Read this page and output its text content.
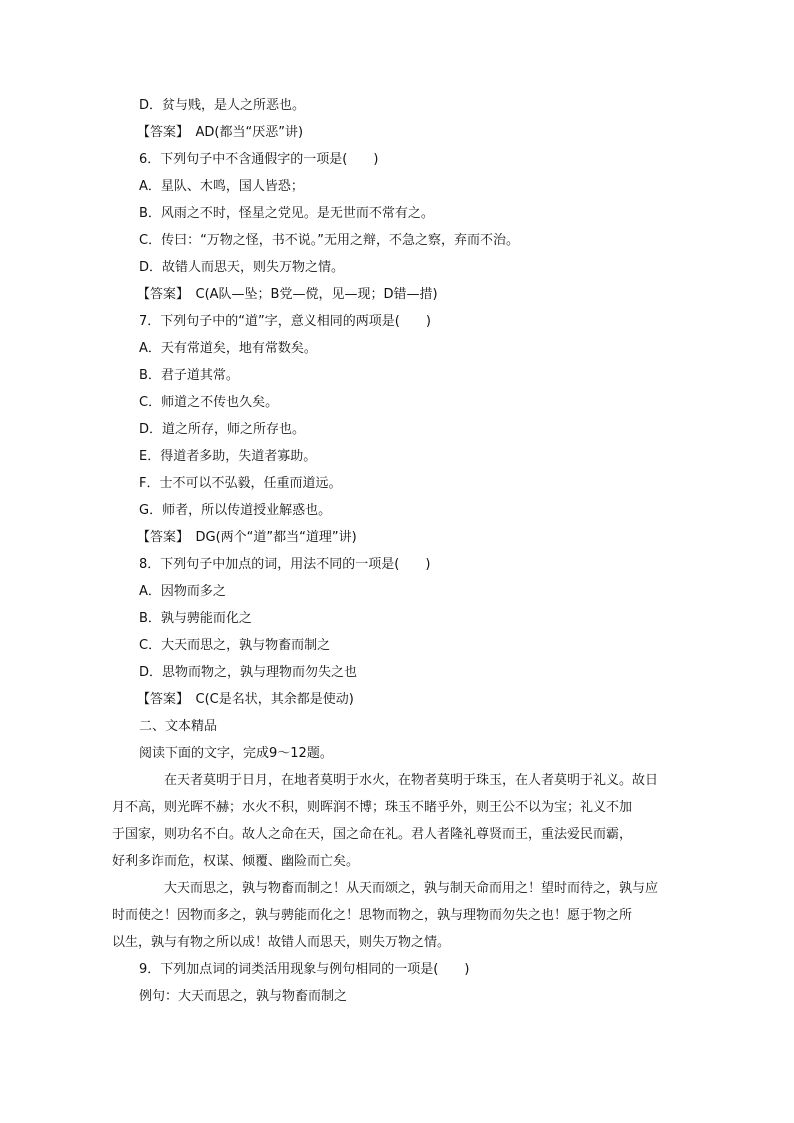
D．贫与贱，是人之所恶也。
【答案】　AD(都当“厌恶”讲)
6．下列句子中不含通假字的一项是(　　)
A．星队、木鸣，国人皆恐；
B．风雨之不时，怪星之党见。是无世而不常有之。
C．传曰：“万物之怪，书不说。”无用之辩，不急之察，弃而不治。
D．故错人而思天，则失万物之情。
【答案】　C(A队—坠；B党—傥，见—现；D错—措)
7．下列句子中的“道”字，意义相同的两项是(　　)
A．天有常道矣，地有常数矣。
B．君子道其常。
C．师道之不传也久矣。
D．道之所存，师之所存也。
E．得道者多助，失道者寡助。
F．士不可以不弘毅，任重而道远。
G．师者，所以传道授业解惑也。
【答案】　DG(两个“道”都当“道理”讲)
8．下列句子中加点的词，用法不同的一项是(　　)
A．因物而多之
B．孰与骋能而化之
C．大天而思之，孰与物畜而制之
D．思物而物之，孰与理物而勿失之也
【答案】　C(C是名状，其余都是使动)
二、文本精品
阅读下面的文字，完成9～12题。
在天者莫明于日月，在地者莫明于水火，在物者莫明于珠玉，在人者莫明于礼义。故日
月不高，则光晖不赫；水火不积，则晖润不博；珠玉不睹乎外，则王公不以为宝；礼义不加
于国家，则功名不白。故人之命在天，国之命在礼。君人者隆礼尊贤而王，重法爱民而霸，
好利多诈而危，权谋、倾覆、幽险而亡矣。
大天而思之，孰与物畜而制之！从天而颂之，孰与制天命而用之！望时而待之，孰与应
时而使之！因物而多之，孰与骋能而化之！思物而物之，孰与理物而勿失之也！愿于物之所
以生，孰与有物之所以成！故错人而思天，则失万物之情。
9．下列加点词的词类活用现象与例句相同的一项是(　　)
例句：大天而思之，孰与物畜而制之
